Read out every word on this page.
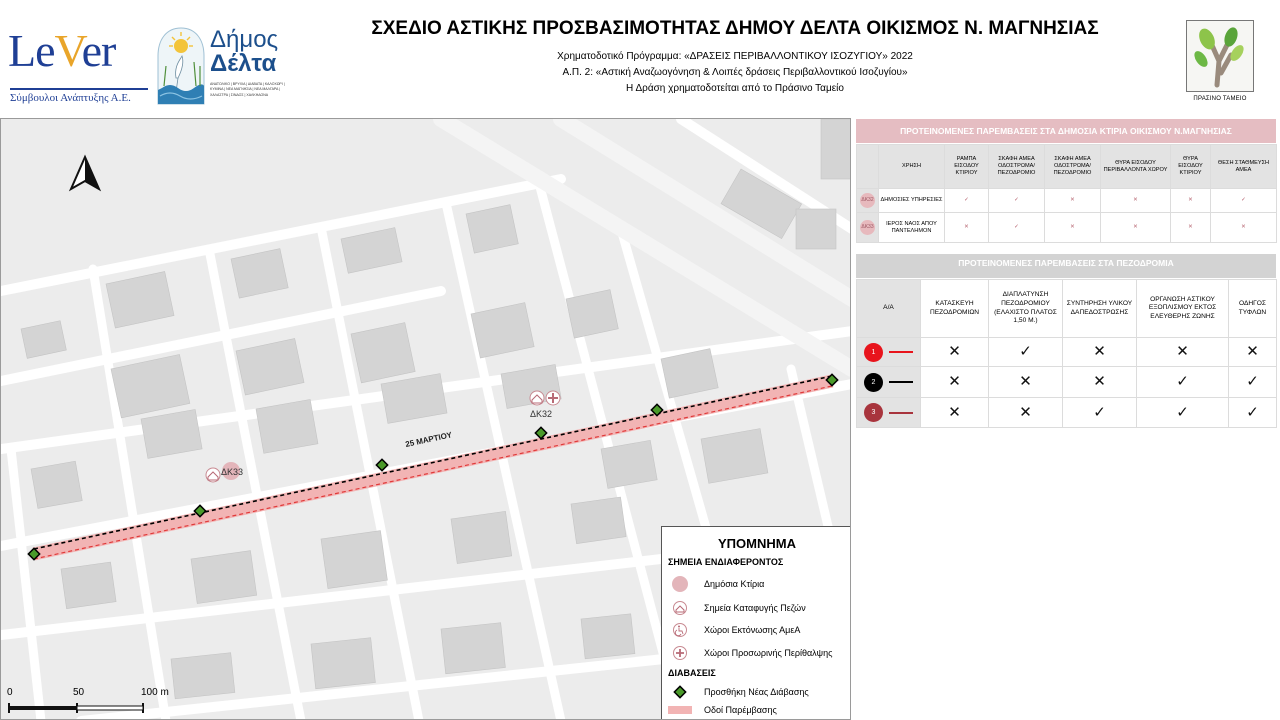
LeVer
Σύμβουλοι Ανάπτυξης Α.Ε.
Δήμος
Δέλτα
ΑΝΑΤΟΛΙΚΟ | ΒΡΥΧΙΑ | ΔΙΑΒΑΤΑ | ΚΑΛΟΧΩΡΙ | ΚΥΜΙΝΑ | ΝΕΑ ΜΑΓΝΗΣΙΑ | ΝΕΑ ΜΑΛΓΑΡΑ | ΧΑΛΑΣΤΡΑ | ΣΙΝΔΟΣ | ΧΑΛΚΗΔΟΝΑ
ΣΧΕΔΙΟ ΑΣΤΙΚΗΣ ΠΡΟΣΒΑΣΙΜΟΤΗΤΑΣ ΔΗΜΟΥ ΔΕΛΤΑ ΟΙΚΙΣΜΟΣ Ν. ΜΑΓΝΗΣΙΑΣ
Χρηματοδοτικό Πρόγραμμα: «ΔΡΑΣΕΙΣ ΠΕΡΙΒΑΛΛΟΝΤΙΚΟΥ ΙΣΟΖΥΓΙΟΥ» 2022
Α.Π. 2: «Αστική Αναζωογόνηση & Λοιπές δράσεις Περιβαλλοντικού Ισοζυγίου»
Η Δράση χρηματοδοτείται από το Πράσινο Ταμείο
ΠΡΑΣΙΝΟ ΤΑΜΕΙΟ
25 ΜΑΡΤΙΟΥ
ΔΚ32
ΔΚ33
0	50	100 m
ΥΠΟΜΝΗΜΑ
ΣΗΜΕΙΑ ΕΝΔΙΑΦΕΡΟΝΤΟΣ
Δημόσια Κτίρια
Σημεία Καταφυγής Πεζών
Χώροι Εκτόνωσης ΑμεΑ
Χώροι Προσωρινής Περίθαλψης
ΔΙΑΒΑΣΕΙΣ
Προσθήκη Νέας Διάβασης
Οδοί Παρέμβασης
ΠΡΟΤΕΙΝΟΜΕΝΕΣ ΠΑΡΕΜΒΑΣΕΙΣ ΣΤΑ ΔΗΜΟΣΙΑ ΚΤΙΡΙΑ ΟΙΚΙΣΜΟΥ Ν.ΜΑΓΝΗΣΙΑΣ
	ΧΡΗΣΗ	ΡΑΜΠΑ ΕΙΣΟΔΟΥ ΚΤΙΡΙΟΥ	ΣΚΑΦΗ ΑΜΕΑ ΟΔΟΣΤΡΩΜΑ/ ΠΕΖΟΔΡΟΜΙΟ	ΣΚΑΦΗ ΑΜΕΑ ΟΔΟΣΤΡΩΜΑ/ ΠΕΖΟΔΡΟΜΙΟ	ΘΥΡΑ ΕΙΣΟΔΟΥ ΠΕΡΙΒΑΛΛΟΝΤΑ ΧΩΡΟΥ	ΘΥΡΑ ΕΙΣΟΔΟΥ ΚΤΙΡΙΟΥ	ΘΕΣΗ ΣΤΑΘΜΕΥΣΗ ΑΜΕΑ
ΔΚ32	ΔΗΜΟΣΙΕΣ ΥΠΗΡΕΣΙΕΣ	✓	✓	✕	✕	✕	✓
ΔΚ33	ΙΕΡΟΣ ΝΑΟΣ ΑΠΟΥ ΠΑΝΤΕΛΗΜΟΝ	✕	✓	✕	✕	✕	✕
ΠΡΟΤΕΙΝΟΜΕΝΕΣ ΠΑΡΕΜΒΑΣΕΙΣ ΣΤΑ ΠΕΖΟΔΡΟΜΙΑ
Α/Α	ΚΑΤΑΣΚΕΥΗ ΠΕΖΟΔΡΟΜΙΩΝ	ΔΙΑΠΛΑΤΥΝΣΗ ΠΕΖΟΔΡΟΜΙΟΥ (ΕΛΑΧΙΣΤΟ ΠΛΑΤΟΣ 1,50 Μ.)	ΣΥΝΤΗΡΗΣΗ ΥΛΙΚΟΥ ΔΑΠΕΔΟΣΤΡΩΣΗΣ	ΟΡΓΑΝΩΣΗ ΑΣΤΙΚΟΥ ΕΞΟΠΛΙΣΜΟΥ ΕΚΤΟΣ ΕΛΕΥΘΕΡΗΣ ΖΩΝΗΣ	ΟΔΗΓΟΣ ΤΥΦΛΩΝ
1	✕	✓	✕	✕	✕
2	✕	✕	✕	✓	✓
3	✕	✕	✓	✓	✓
